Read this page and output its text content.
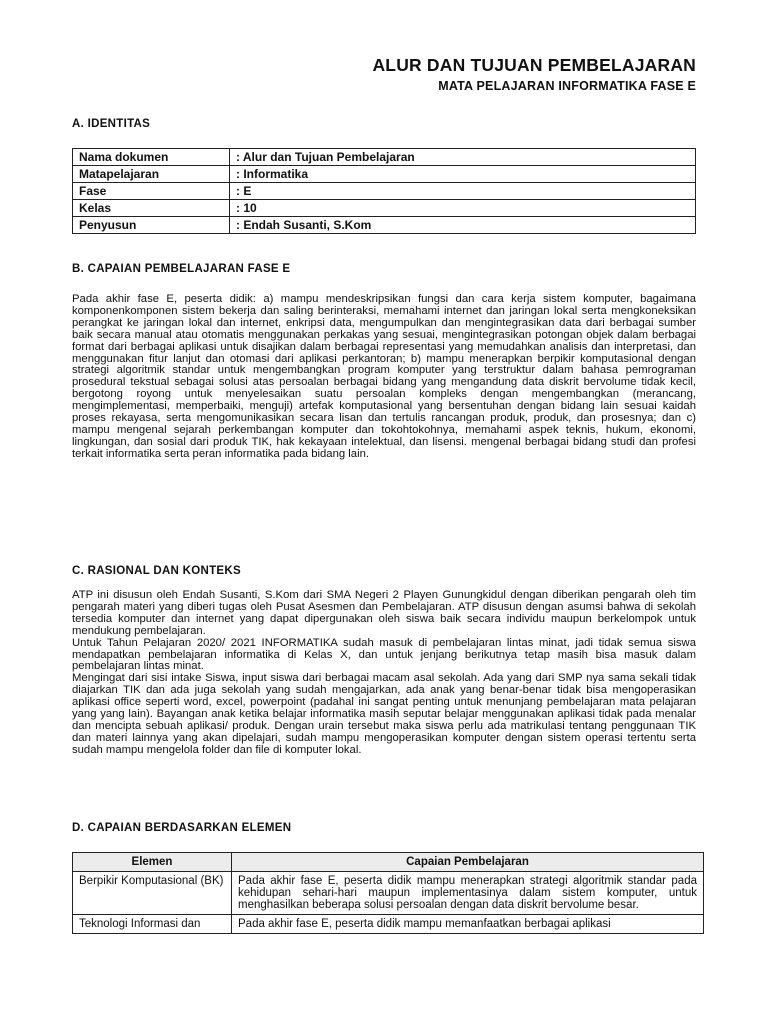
ALUR DAN TUJUAN PEMBELAJARAN
MATA PELAJARAN INFORMATIKA FASE E
A. IDENTITAS
Nama dokumen	: Alur dan Tujuan Pembelajaran
Matapelajaran	: Informatika
Fase	: E
Kelas	: 10
Penyusun	: Endah Susanti, S.Kom
B. CAPAIAN PEMBELAJARAN FASE E

Pada akhir fase E, peserta didik: a) mampu mendeskripsikan fungsi dan cara kerja sistem komputer, bagaimana komponenkomponen sistem bekerja dan saling berinteraksi, memahami internet dan jaringan lokal serta mengkoneksikan perangkat ke jaringan lokal dan internet, enkripsi data, mengumpulkan dan mengintegrasikan data dari berbagai sumber baik secara manual atau otomatis menggunakan perkakas yang sesuai, mengintegrasikan potongan objek dalam berbagai format dari berbagai aplikasi untuk disajikan dalam berbagai representasi yang memudahkan analisis dan interpretasi, dan menggunakan fitur lanjut dan otomasi dari aplikasi perkantoran; b) mampu menerapkan berpikir komputasional dengan strategi algoritmik standar untuk mengembangkan program komputer yang terstruktur dalam bahasa pemrograman prosedural tekstual sebagai solusi atas persoalan berbagai bidang yang mengandung data diskrit bervolume tidak kecil, bergotong royong untuk menyelesaikan suatu persoalan kompleks dengan mengembangkan (merancang, mengimplementasi, memperbaiki, menguji) artefak komputasional yang bersentuhan dengan bidang lain sesuai kaidah proses rekayasa, serta mengomunikasikan secara lisan dan tertulis rancangan produk, produk, dan prosesnya; dan c) mampu mengenal sejarah perkembangan komputer dan tokohtokohnya, memahami aspek teknis, hukum, ekonomi, lingkungan, dan sosial dari produk TIK, hak kekayaan intelektual, dan lisensi. mengenal berbagai bidang studi dan profesi terkait informatika serta peran informatika pada bidang lain.

C. RASIONAL DAN KONTEKS

ATP ini disusun oleh Endah Susanti, S.Kom dari SMA Negeri 2 Playen Gunungkidul dengan diberikan pengarah oleh tim pengarah materi yang diberi tugas oleh Pusat Asesmen dan Pembelajaran. ATP disusun dengan asumsi bahwa di sekolah tersedia komputer dan internet yang dapat dipergunakan oleh siswa baik secara individu maupun berkelompok untuk mendukung pembelajaran.

Untuk Tahun Pelajaran 2020/ 2021 INFORMATIKA sudah masuk di pembelajaran lintas minat, jadi tidak semua siswa mendapatkan pembelajaran informatika di Kelas X, dan untuk jenjang berikutnya tetap masih bisa masuk dalam pembelajaran lintas minat.

Mengingat dari sisi intake Siswa, input siswa dari berbagai macam asal sekolah. Ada yang dari SMP nya sama sekali tidak diajarkan TIK dan ada juga sekolah yang sudah mengajarkan, ada anak yang benar-benar tidak bisa mengoperasikan aplikasi office seperti word, excel, powerpoint (padahal ini sangat penting untuk menunjang pembelajaran mata pelajaran yang yang lain). Bayangan anak ketika belajar informatika masih seputar belajar menggunakan aplikasi tidak pada menalar dan mencipta sebuah aplikasi/ produk. Dengan urain tersebut maka siswa perlu ada matrikulasi tentang penggunaan TIK dan materi lainnya yang akan dipelajari, sudah mampu mengoperasikan komputer dengan sistem operasi tertentu serta sudah mampu mengelola folder dan file di komputer lokal.

D. CAPAIAN BERDASARKAN ELEMEN
Elemen	Capaian Pembelajaran
Berpikir Komputasional (BK)	Pada akhir fase E, peserta didik mampu menerapkan strategi algoritmik standar pada kehidupan sehari-hari maupun implementasinya dalam sistem komputer, untuk menghasilkan beberapa solusi persoalan dengan data diskrit bervolume besar.
Teknologi Informasi dan	Pada akhir fase E, peserta didik mampu memanfaatkan berbagai aplikasi
